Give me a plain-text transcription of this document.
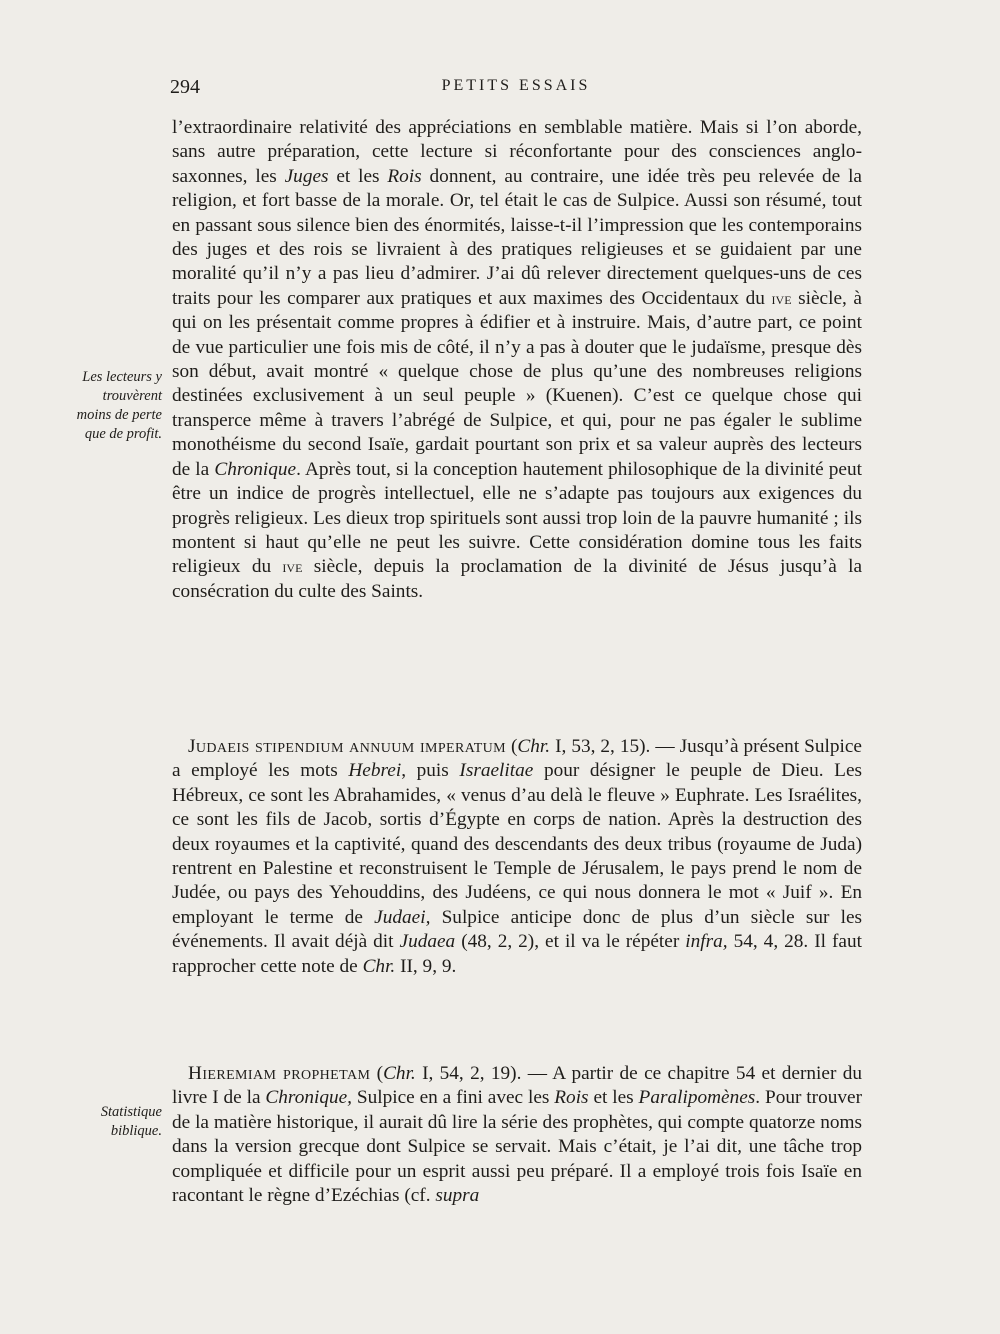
294	PETITS ESSAIS
Les lecteurs y trouvèrent moins de perte que de profit.
Statistique biblique.

l’extraordinaire relativité des appréciations en semblable matière. Mais si l’on aborde, sans autre préparation, cette lecture si réconfortante pour des consciences anglo-saxonnes, les Juges et les Rois donnent, au contraire, une idée très peu relevée de la religion, et fort basse de la morale. Or, tel était le cas de Sulpice. Aussi son résumé, tout en passant sous silence bien des énormités, laisse-t-il l’impression que les contemporains des juges et des rois se livraient à des pratiques religieuses et se guidaient par une moralité qu’il n’y a pas lieu d’admirer. J’ai dû relever directement quelques-uns de ces traits pour les comparer aux pratiques et aux maximes des Occidentaux du ive siècle, à qui on les présentait comme propres à édifier et à instruire. Mais, d’autre part, ce point de vue particulier une fois mis de côté, il n’y a pas à douter que le judaïsme, presque dès son début, avait montré « quelque chose de plus qu’une des nombreuses religions destinées exclusivement à un seul peuple » (Kuenen). C’est ce quelque chose qui transperce même à travers l’abrégé de Sulpice, et qui, pour ne pas égaler le sublime monothéisme du second Isaïe, gardait pourtant son prix et sa valeur auprès des lecteurs de la Chronique. Après tout, si la conception hautement philosophique de la divinité peut être un indice de progrès intellectuel, elle ne s’adapte pas toujours aux exigences du progrès religieux. Les dieux trop spirituels sont aussi trop loin de la pauvre humanité ; ils montent si haut qu’elle ne peut les suivre. Cette considération domine tous les faits religieux du ive siècle, depuis la proclamation de la divinité de Jésus jusqu’à la consécration du culte des Saints.

Judaeis stipendium annuum imperatum (Chr. I, 53, 2, 15). — Jusqu’à présent Sulpice a employé les mots Hebrei, puis Israelitae pour désigner le peuple de Dieu. Les Hébreux, ce sont les Abrahamides, « venus d’au delà le fleuve » Euphrate. Les Israélites, ce sont les fils de Jacob, sortis d’Égypte en corps de nation. Après la destruction des deux royaumes et la captivité, quand des descendants des deux tribus (royaume de Juda) rentrent en Palestine et reconstruisent le Temple de Jérusalem, le pays prend le nom de Judée, ou pays des Yehouddins, des Judéens, ce qui nous donnera le mot « Juif ». En employant le terme de Judaei, Sulpice anticipe donc de plus d’un siècle sur les événements. Il avait déjà dit Judaea (48, 2, 2), et il va le répéter infra, 54, 4, 28. Il faut rapprocher cette note de Chr. II, 9, 9.

Hieremiam prophetam (Chr. I, 54, 2, 19). — A partir de ce chapitre 54 et dernier du livre I de la Chronique, Sulpice en a fini avec les Rois et les Paralipomènes. Pour trouver de la matière historique, il aurait dû lire la série des prophètes, qui compte quatorze noms dans la version grecque dont Sulpice se servait. Mais c’était, je l’ai dit, une tâche trop compliquée et difficile pour un esprit aussi peu préparé. Il a employé trois fois Isaïe en racontant le règne d’Ezéchias (cf. supra
